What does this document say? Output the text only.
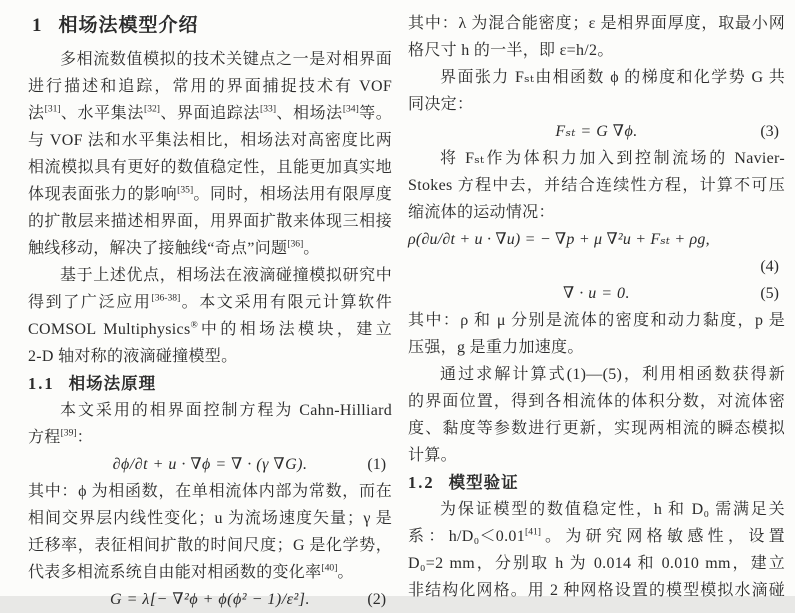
1 相场法模型介绍
多相流数值模拟的技术关键点之一是对相界面
进行描述和追踪，常用的界面捕捉技术有 VOF
法[31]、水平集法[32]、界面追踪法[33]、相场法[34]等。
与 VOF 法和水平集法相比，相场法对高密度比两
相流模拟具有更好的数值稳定性，且能更加真实地
体现表面张力的影响[35]。同时，相场法用有限厚度
的扩散层来描述相界面，用界面扩散来体现三相接
触线移动，解决了接触线“奇点”问题[36]。
基于上述优点，相场法在液滴碰撞模拟研究中
得到了广泛应用[36-38]。本文采用有限元计算软件
COMSOL Multiphysics®中的相场法模块，建立
2-D 轴对称的液滴碰撞模型。
1.1 相场法原理
本文采用的相界面控制方程为 Cahn-Hilliard
方程[39]：
∂ϕ/∂t + u · ∇ϕ = ∇ · (γ ∇G).	(1)
其中：ϕ 为相函数，在单相流体内部为常数，而在
相间交界层内线性变化；u 为流场速度矢量；γ 是
迁移率，表征相间扩散的时间尺度；G 是化学势，
代表多相流系统自由能对相函数的变化率[40]。
G = λ[− ∇²ϕ + ϕ(ϕ² − 1)/ε²].	(2)
其中：λ 为混合能密度；ε 是相界面厚度，取最小网
格尺寸 h 的一半，即 ε=h/2。
界面张力 Fₛₜ由相函数 ϕ 的梯度和化学势 G 共
同决定：
Fₛₜ = G ∇ϕ.	(3)
将 Fₛₜ作为体积力加入到控制流场的 Navier-
Stokes 方程中去，并结合连续性方程，计算不可压
缩流体的运动情况：
ρ(∂u/∂t + u · ∇u) = − ∇p + μ ∇²u + Fₛₜ + ρg,
(4)
∇ · u = 0.	(5)
其中：ρ 和 μ 分别是流体的密度和动力黏度，p 是
压强，g 是重力加速度。
通过求解计算式(1)—(5)，利用相函数获得新
的界面位置，得到各相流体的体积分数，对流体密
度、黏度等参数进行更新，实现两相流的瞬态模拟
计算。
1.2 模型验证
为保证模型的数值稳定性，h 和 D₀ 需满足关
系：h/D₀＜0.01[41]。为研究网格敏感性，设置
D₀=2 mm，分别取 h 为 0.014 和 0.010 mm，建立
非结构化网格。用 2 种网格设置的模型模拟水滴碰
